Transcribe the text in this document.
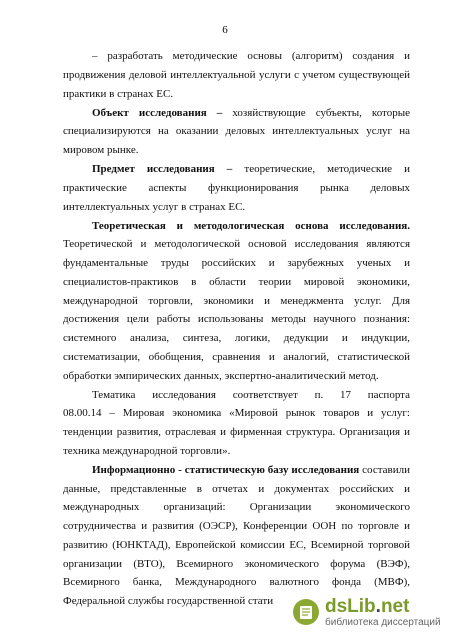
6
– разработать методические основы (алгоритм) создания и
продвижения деловой интеллектуальной услуги с учетом существующей
практики в странах ЕС.
Объект исследования – хозяйствующие субъекты, которые
специализируются на оказании деловых интеллектуальных услуг на
мировом рынке.
Предмет исследования – теоретические, методические и
практические аспекты функционирования рынка деловых
интеллектуальных услуг в странах ЕС.
Теоретическая и методологическая основа исследования.
Теоретической и методологической основой исследования являются
фундаментальные труды российских и зарубежных ученых и
специалистов-практиков в области теории мировой экономики,
международной торговли, экономики и менеджмента услуг. Для
достижения цели работы использованы методы научного познания:
системного анализа, синтеза, логики, дедукции и индукции,
систематизации, обобщения, сравнения и аналогий, статистической
обработки эмпирических данных, экспертно-аналитический метод.
Тематика исследования соответствует п. 17 паспорта
08.00.14 – Мировая экономика «Мировой рынок товаров и услуг:
тенденции развития, отраслевая и фирменная структура. Организация и
техника международной торговли».
Информационно - статистическую базу исследования составили
данные, представленные в отчетах и документах российских и
международных организаций: Организации экономического
сотрудничества и развития (ОЭСР), Конференции ООН по торговле и
развитию (ЮНКТАД), Европейской комиссии ЕС, Всемирной торговой
организации (ВТО), Всемирного экономического форума (ВЭФ),
Всемирного банка, Международного валютного фонда (МВФ),
Федеральной службы государственной стати	dsLib.net
библиотека диссертаций
